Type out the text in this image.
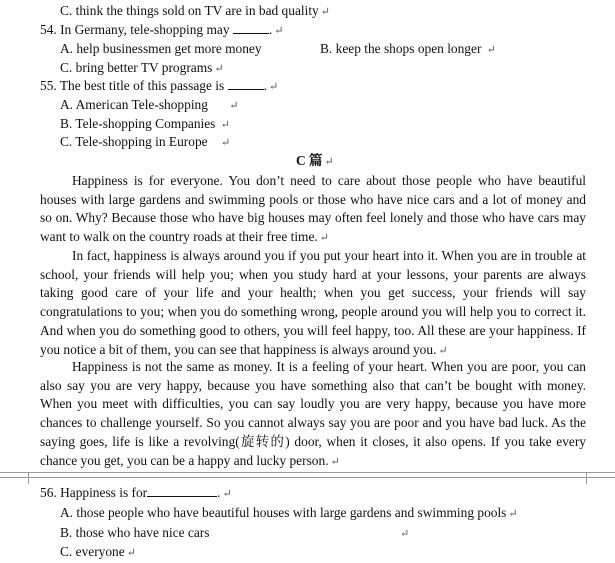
C. think the things sold on TV are in bad quality ↵
54. In Germany, tele-shopping may	. ↵
A. help businessmen get more money	B. keep the shops open longer ↵
C. bring better TV programs ↵
55. The best title of this passage is	. ↵
A. American Tele-shopping ↵
B. Tele-shopping Companies ↵
C. Tele-shopping in Europe ↵
C 篇 ↵
Happiness is for everyone. You don’t need to care about those people who have beautiful houses with large gardens and swimming pools or those who have nice cars and a lot of money and so on. Why? Because those who have big houses may often feel lonely and those who have cars may want to walk on the country roads at their free time. ↵
In fact, happiness is always around you if you put your heart into it. When you are in trouble at school, your friends will help you; when you study hard at your lessons, your parents are always taking good care of your life and your health; when you get success, your friends will say congratulations to you; when you do something wrong, people around you will help you to correct it. And when you do something good to others, you will feel happy, too. All these are your happiness. If you notice a bit of them, you can see that happiness is always around you. ↵
Happiness is not the same as money. It is a feeling of your heart. When you are poor, you can also say you are very happy, because you have something also that can’t be bought with money. When you meet with difficulties, you can say loudly you are very happy, because you have more chances to challenge yourself. So you cannot always say you are poor and you have bad luck. As the saying goes, life is like a revolving(旋转的) door, when it closes, it also opens. If you take every chance you get, you can be a happy and lucky person. ↵
56. Happiness is for	. ↵
A. those people who have beautiful houses with large gardens and swimming pools ↵
B. those who have nice cars	↵
C. everyone ↵
